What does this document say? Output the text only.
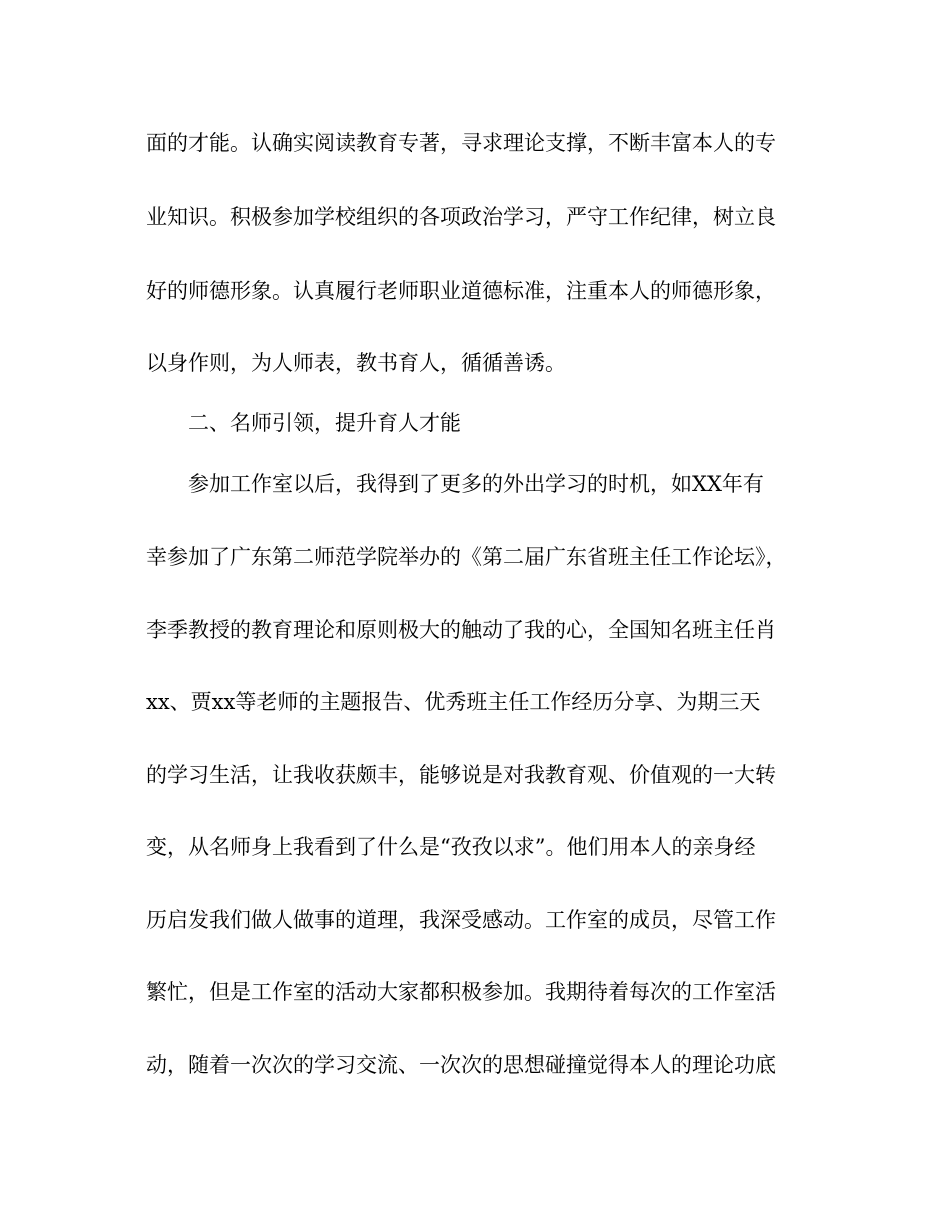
面的才能。认确实阅读教育专著，寻求理论支撑，不断丰富本人的专
业知识。积极参加学校组织的各项政治学习，严守工作纪律，树立良
好的师德形象。认真履行老师职业道德标准，注重本人的师德形象，
以身作则，为人师表，教书育人，循循善诱。
二、名师引领，提升育人才能
参加工作室以后，我得到了更多的外出学习的时机，如XX年有
幸参加了广东第二师范学院举办的《第二届广东省班主任工作论坛》，
李季教授的教育理论和原则极大的触动了我的心，全国知名班主任肖
xx、贾xx等老师的主题报告、优秀班主任工作经历分享、为期三天
的学习生活，让我收获颇丰，能够说是对我教育观、价值观的一大转
变，从名师身上我看到了什么是“孜孜以求”。他们用本人的亲身经
历启发我们做人做事的道理，我深受感动。工作室的成员，尽管工作
繁忙，但是工作室的活动大家都积极参加。我期待着每次的工作室活
动，随着一次次的学习交流、一次次的思想碰撞觉得本人的理论功底
